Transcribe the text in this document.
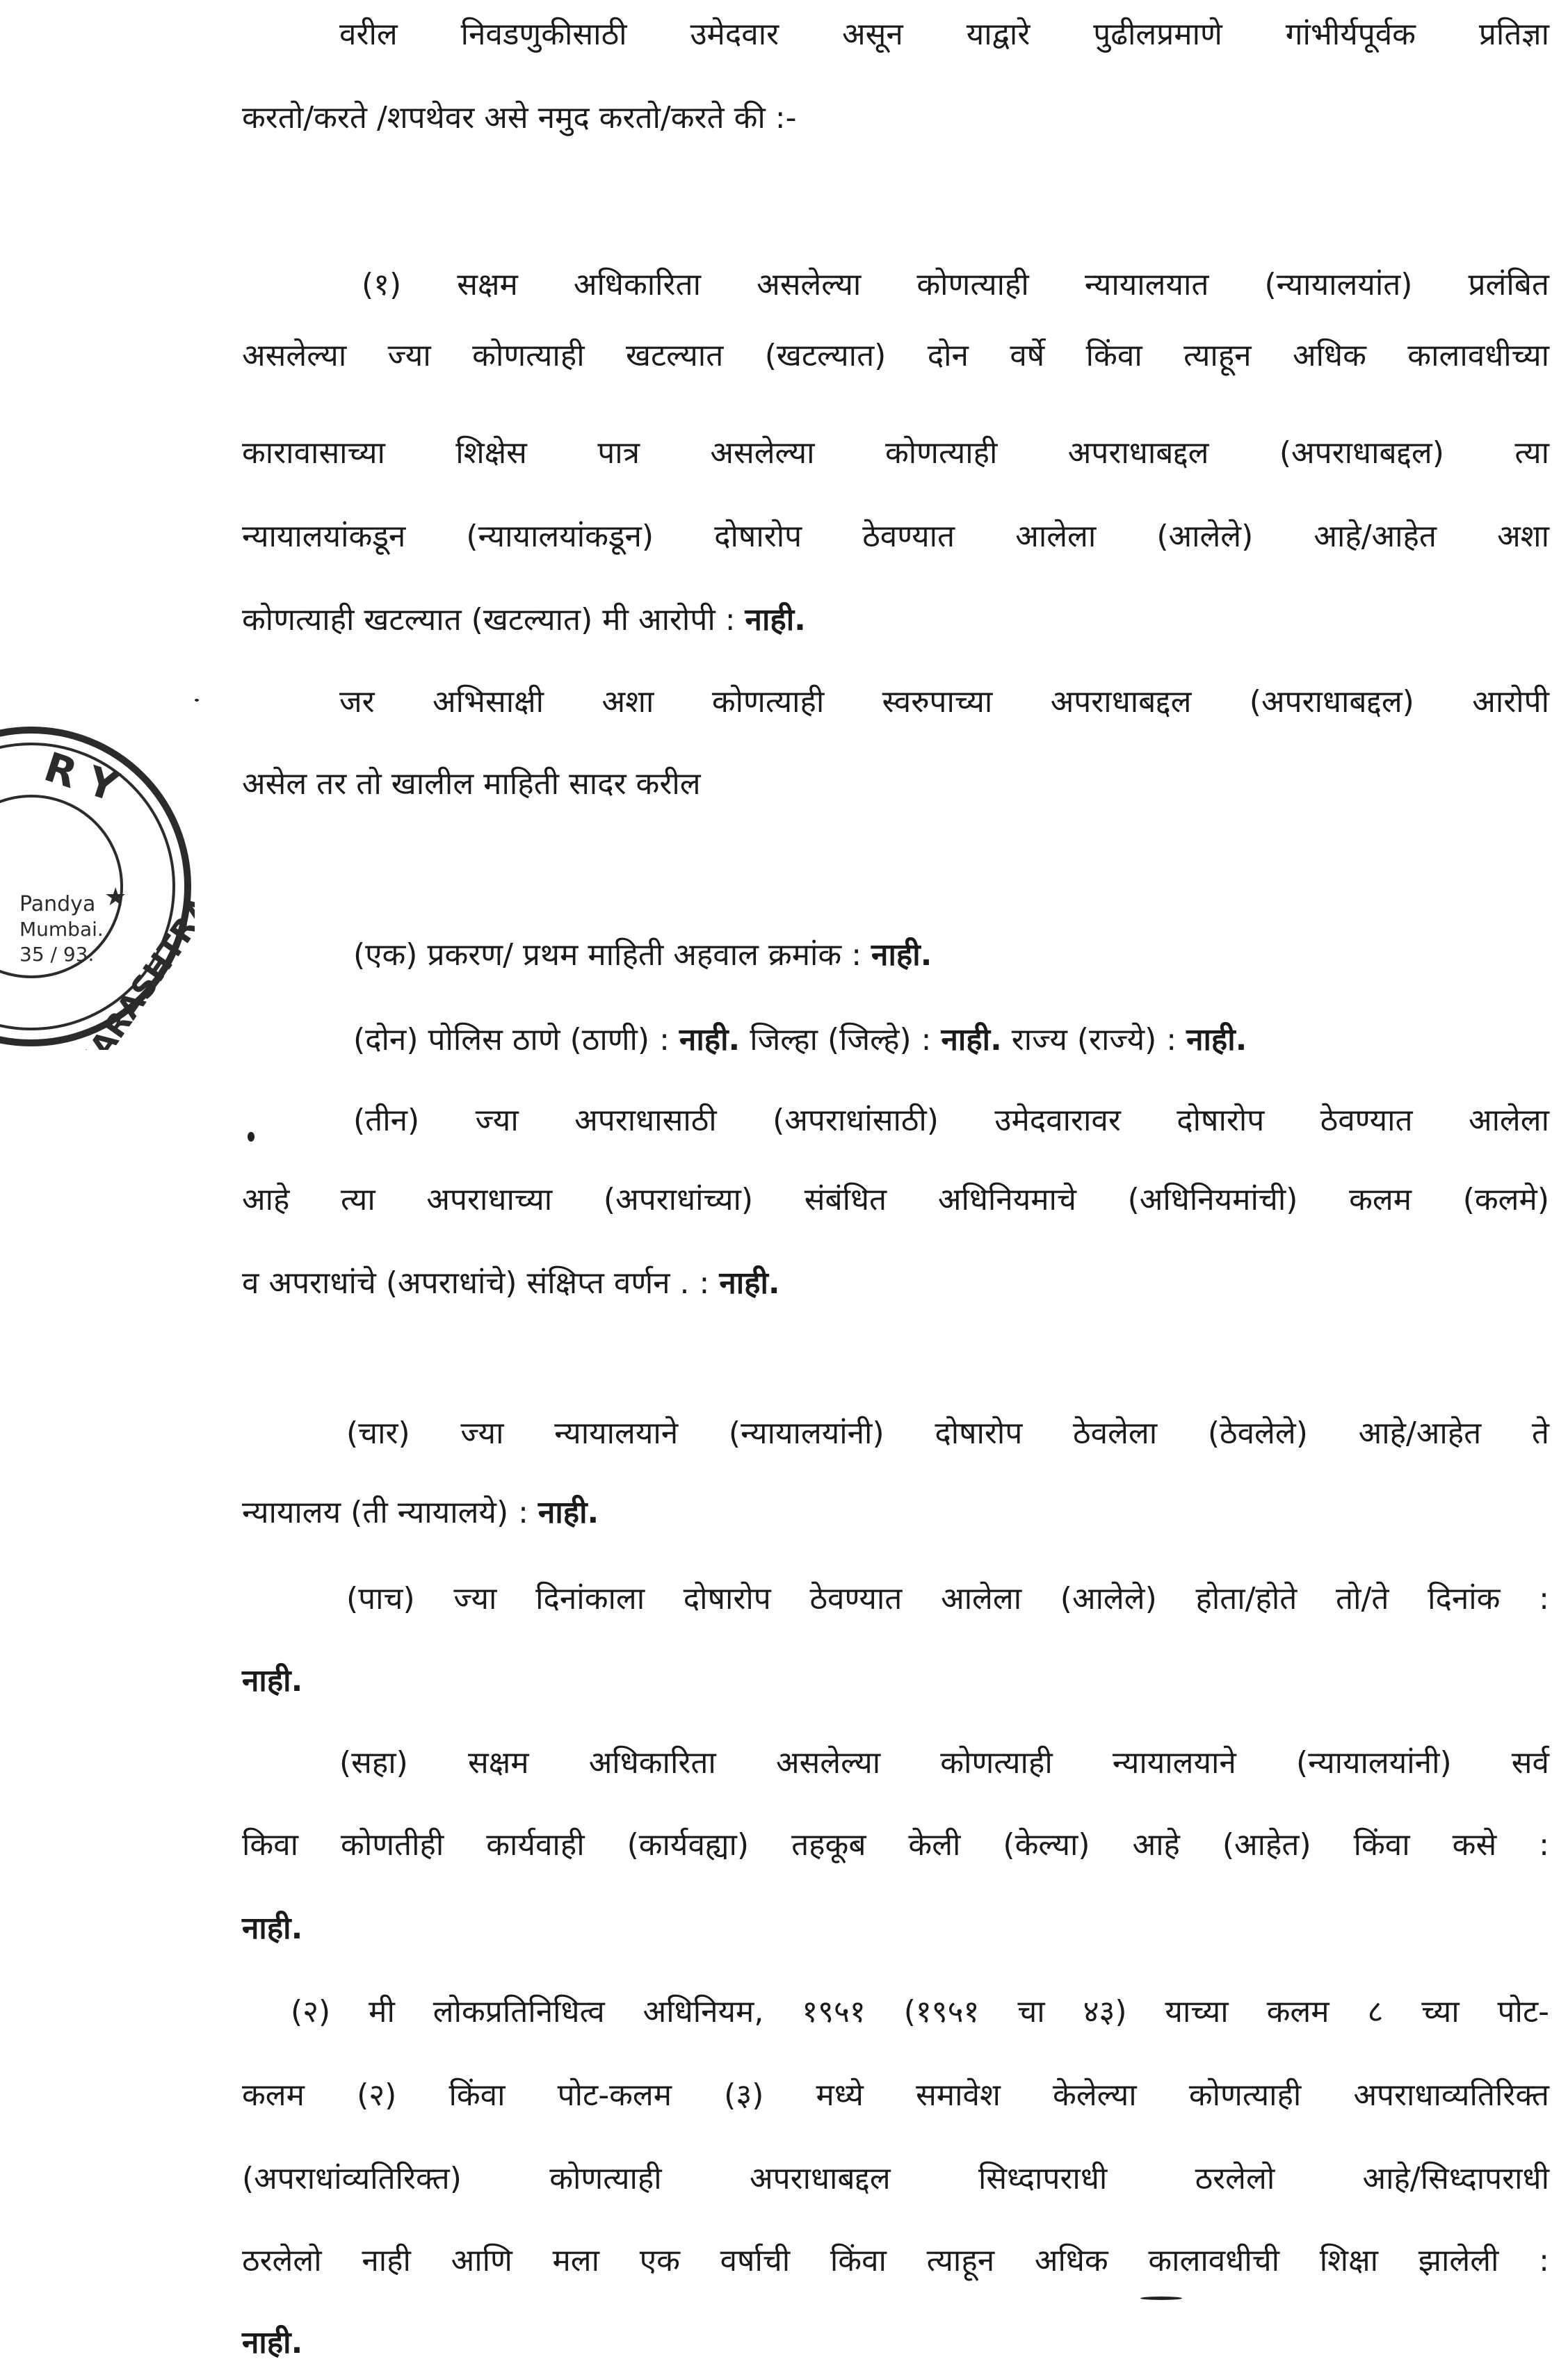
R Y
Pandya
Mumbai.
35 / 93.
★
HARASHTRA
वरील निवडणुकीसाठी उमेदवार असून याद्वारे पुढीलप्रमाणे गांभीर्यपूर्वक प्रतिज्ञा
करतो/करते /शपथेवर असे नमुद करतो/करते की :-
(१) सक्षम अधिकारिता असलेल्या कोणत्याही न्यायालयात (न्यायालयांत) प्रलंबित
असलेल्या ज्या कोणत्याही खटल्यात (खटल्यात) दोन वर्षे किंवा त्याहून अधिक कालावधीच्या
कारावासाच्या शिक्षेस पात्र असलेल्या कोणत्याही अपराधाबद्दल (अपराधाबद्दल) त्या
न्यायालयांकडून (न्यायालयांकडून) दोषारोप ठेवण्यात आलेला (आलेले) आहे/आहेत अशा
कोणत्याही खटल्यात (खटल्यात) मी आरोपी : नाही.
जर अभिसाक्षी अशा कोणत्याही स्वरुपाच्या अपराधाबद्दल (अपराधाबद्दल) आरोपी
असेल तर तो खालील माहिती सादर करील
(एक) प्रकरण/ प्रथम माहिती अहवाल क्रमांक : नाही.
(दोन) पोलिस ठाणे (ठाणी) : नाही. जिल्हा (जिल्हे) : नाही. राज्य (राज्ये) : नाही.
(तीन) ज्या अपराधासाठी (अपराधांसाठी) उमेदवारावर दोषारोप ठेवण्यात आलेला
आहे त्या अपराधाच्या (अपराधांच्या) संबंधित अधिनियमाचे (अधिनियमांची) कलम (कलमे)
व अपराधांचे (अपराधांचे) संक्षिप्त वर्णन . : नाही.
(चार) ज्या न्यायालयाने (न्यायालयांनी) दोषारोप ठेवलेला (ठेवलेले) आहे/आहेत ते
न्यायालय (ती न्यायालये) : नाही.
(पाच) ज्या दिनांकाला दोषारोप ठेवण्यात आलेला (आलेले) होता/होते तो/ते दिनांक :
नाही.
(सहा) सक्षम अधिकारिता असलेल्या कोणत्याही न्यायालयाने (न्यायालयांनी) सर्व
किवा कोणतीही कार्यवाही (कार्यवह्या) तहकूब केली (केल्या) आहे (आहेत) किंवा कसे :
नाही.
(२) मी लोकप्रतिनिधित्व अधिनियम, १९५१ (१९५१ चा ४३) याच्या कलम ८ च्या पोट-
कलम (२) किंवा पोट-कलम (३) मध्ये समावेश केलेल्या कोणत्याही अपराधाव्यतिरिक्त
(अपराधांव्यतिरिक्त) कोणत्याही अपराधाबद्दल सिध्दापराधी ठरलेलो आहे/सिध्दापराधी
ठरलेलो नाही आणि मला एक वर्षाची किंवा त्याहून अधिक कालावधीची शिक्षा झालेली :
नाही.
